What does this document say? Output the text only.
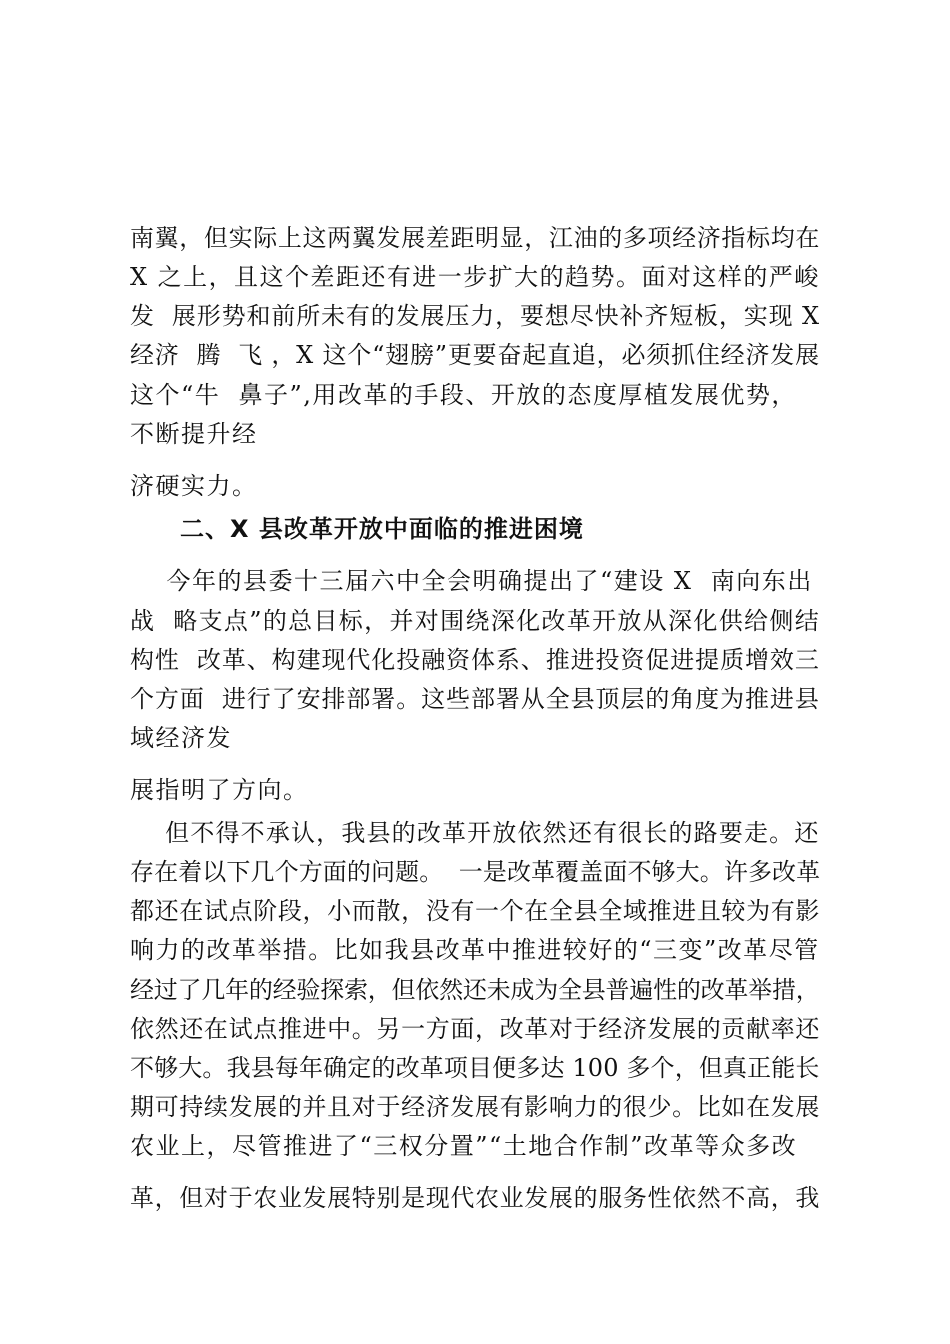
南翼，但实际上这两翼发展差距明显，江油的多项经济指标均在
X 之上，且这个差距还有进一步扩大的趋势。面对这样的严峻
发  展形势和前所未有的发展压力，要想尽快补齐短板，实现 X
经济  腾  飞 ，X 这个“翅膀”更要奋起直追，必须抓住经济发展
这个“牛  鼻子”,用改革的手段、开放的态度厚植发展优势，
不断提升经
济硬实力。
二、X 县改革开放中面临的推进困境
今年的县委十三届六中全会明确提出了“建设 X  南向东出
战  略支点”的总目标，并对围绕深化改革开放从深化供给侧结
构性  改革、构建现代化投融资体系、推进投资促进提质增效三
个方面  进行了安排部署。这些部署从全县顶层的角度为推进县
域经济发
展指明了方向。
但不得不承认，我县的改革开放依然还有很长的路要走。还
存在着以下几个方面的问题。  一是改革覆盖面不够大。许多改革
都还在试点阶段，小而散，没有一个在全县全域推进且较为有影
响力的改革举措。比如我县改革中推进较好的“三变”改革尽管
经过了几年的经验探索，但依然还未成为全县普遍性的改革举措，
依然还在试点推进中。另一方面，改革对于经济发展的贡献率还
不够大。我县每年确定的改革项目便多达 100 多个，但真正能长
期可持续发展的并且对于经济发展有影响力的很少。比如在发展
农业上，尽管推进了“三权分置”“土地合作制”改革等众多改
革，但对于农业发展特别是现代农业发展的服务性依然不高，我
